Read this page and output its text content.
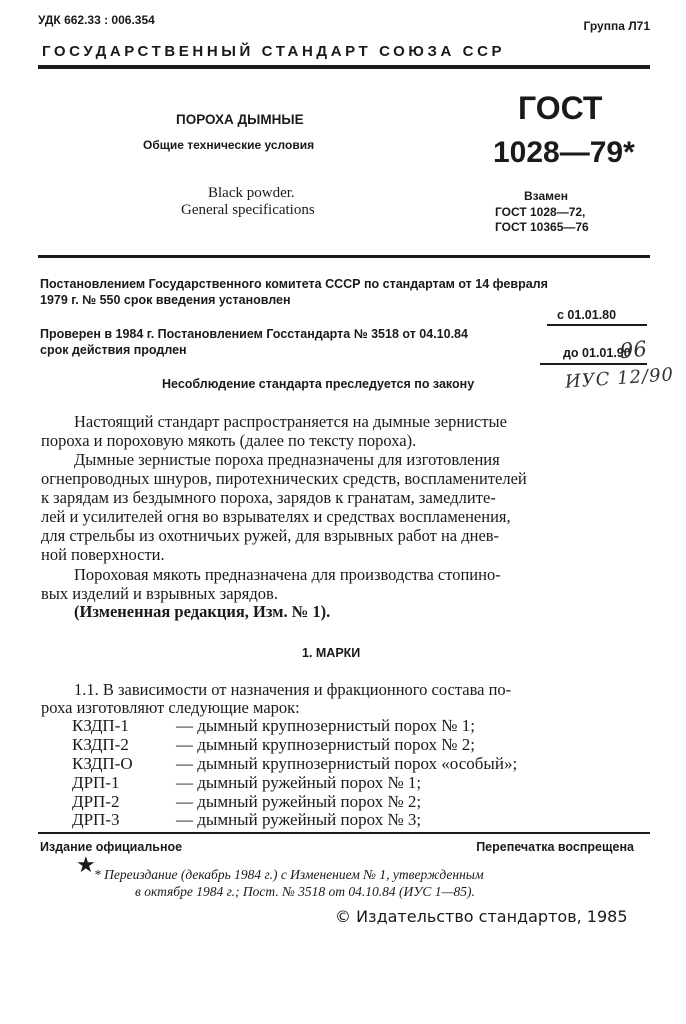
УДК 662.33 : 006.354	Группа Л71
ГОСУДАРСТВЕННЫЙ СТАНДАРТ СОЮЗА ССР
ПОРОХА ДЫМНЫЕ
Общие технические условия
Black powder.
General specifications
ГОСТ
1028—79*
Взамен
ГОСТ 1028—72,
ГОСТ 10365—76
Постановлением Государственного комитета СССР по стандартам от 14 февраля
1979 г. № 550 срок введения установлен
с 01.01.80
Проверен в 1984 г. Постановлением Госстандарта № 3518 от 04.10.84
срок действия продлен	до 01.01.90
96
ИУС 12/90
Несоблюдение стандарта преследуется по закону
Настоящий стандарт распространяется на дымные зернистые
пороха и пороховую мякоть (далее по тексту пороха).
Дымные зернистые пороха предназначены для изготовления
огнепроводных шнуров, пиротехнических средств, воспламенителей
к зарядам из бездымного пороха, зарядов к гранатам, замедлите-
лей и усилителей огня во взрывателях и средствах воспламенения,
для стрельбы из охотничьих ружей, для взрывных работ на днев-
ной поверхности.
Пороховая мякоть предназначена для производства стопино-
вых изделий и взрывных зарядов.
(Измененная редакция, Изм. № 1).
1. МАРКИ
1.1. В зависимости от назначения и фракционного состава по-
роха изготовляют следующие марок:
КЗДП-1	— дымный крупнозернистый порох № 1;
КЗДП-2	— дымный крупнозернистый порох № 2;
КЗДП-О	— дымный крупнозернистый порох «особый»;
ДРП-1	— дымный ружейный порох № 1;
ДРП-2	— дымный ружейный порох № 2;
ДРП-3	— дымный ружейный порох № 3;
Издание официальное	Перепечатка воспрещена
★
* Переиздание (декабрь 1984 г.) с Изменением № 1, утвержденным
в октябре 1984 г.; Пост. № 3518 от 04.10.84 (ИУС 1—85).
© Издательство стандартов, 1985
